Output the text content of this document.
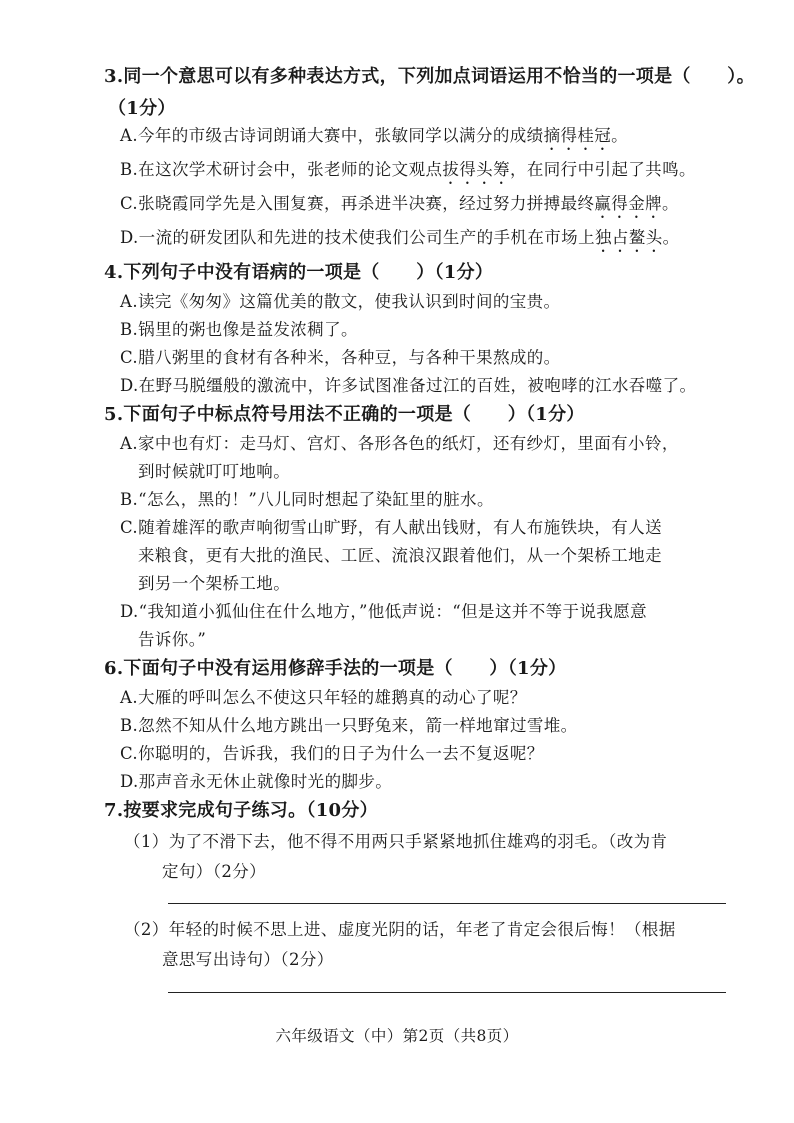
3.同一个意思可以有多种表达方式，下列加点词语运用不恰当的一项是（　　）。
（1分）
A.今年的市级古诗词朗诵大赛中，张敏同学以满分的成绩摘得桂冠。
B.在这次学术研讨会中，张老师的论文观点拔得头筹，在同行中引起了共鸣。
C.张晓霞同学先是入围复赛，再杀进半决赛，经过努力拼搏最终赢得金牌。
D.一流的研发团队和先进的技术使我们公司生产的手机在市场上独占鳌头。
4.下列句子中没有语病的一项是（　　）（1分）
A.读完《匆匆》这篇优美的散文，使我认识到时间的宝贵。
B.锅里的粥也像是益发浓稠了。
C.腊八粥里的食材有各种米，各种豆，与各种干果熬成的。
D.在野马脱缰般的激流中，许多试图准备过江的百姓，被咆哮的江水吞噬了。
5.下面句子中标点符号用法不正确的一项是（　　）（1分）
A.家中也有灯：走马灯、宫灯、各形各色的纸灯，还有纱灯，里面有小铃，
到时候就叮叮地响。
B.“怎么，黑的！”八儿同时想起了染缸里的脏水。
C.随着雄浑的歌声响彻雪山旷野，有人献出钱财，有人布施铁块，有人送
来粮食，更有大批的渔民、工匠、流浪汉跟着他们，从一个架桥工地走
到另一个架桥工地。
D.“我知道小狐仙住在什么地方，”他低声说：“但是这并不等于说我愿意
告诉你。”
6.下面句子中没有运用修辞手法的一项是（　　）（1分）
A.大雁的呼叫怎么不使这只年轻的雄鹅真的动心了呢？
B.忽然不知从什么地方跳出一只野兔来，箭一样地窜过雪堆。
C.你聪明的，告诉我，我们的日子为什么一去不复返呢？
D.那声音永无休止就像时光的脚步。
7.按要求完成句子练习。（10分）
（1）为了不滑下去，他不得不用两只手紧紧地抓住雄鸡的羽毛。（改为肯
定句）（2分）
（2）年轻的时候不思上进、虚度光阴的话，年老了肯定会很后悔！（根据
意思写出诗句）（2分）
六年级语文（中）第2页（共8页）
